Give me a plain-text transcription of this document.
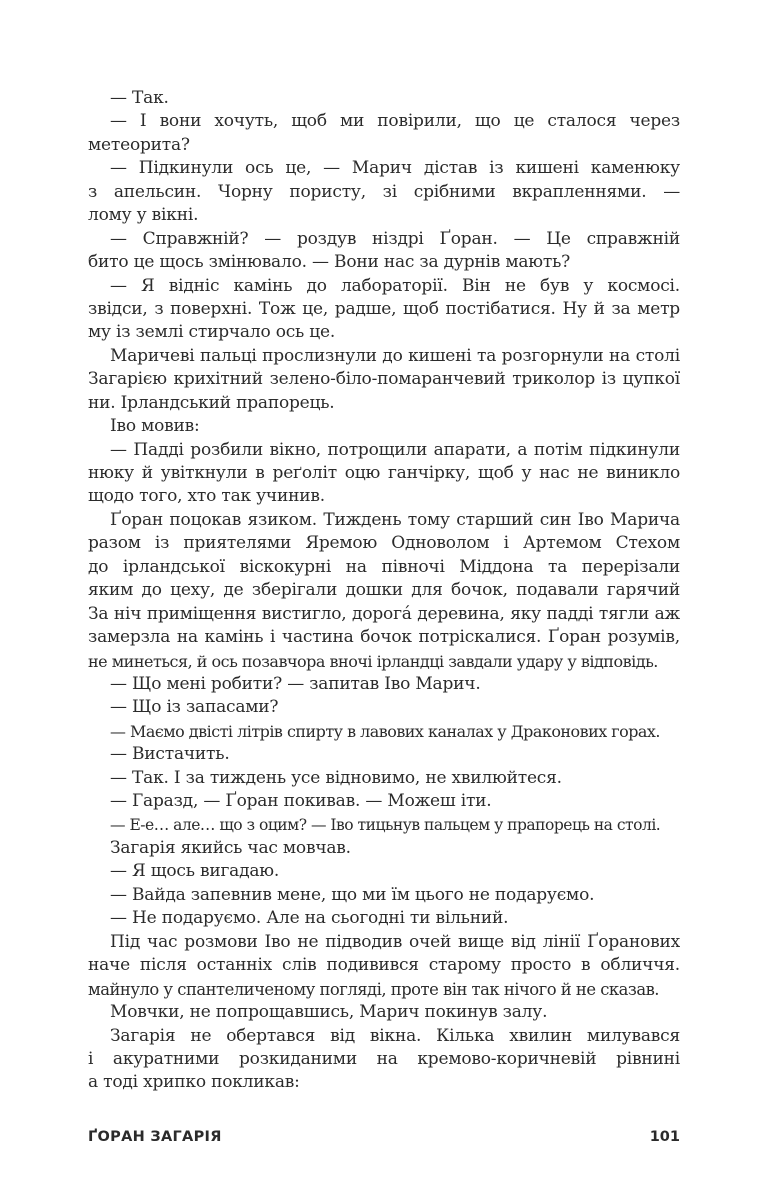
— Так.
— І вони хочуть, щоб ми повірили, що це сталося через
метеорита?
— Підкинули ось це, — Марич дістав із кишені каменюку
з апельсин. Чорну пористу, зі срібними вкрапленнями. —
лому у вікні.
— Справжній? — роздув ніздрі Ґоран. — Це справжній
бито це щось змінювало. — Вони нас за дурнів мають?
— Я відніс камінь до лабораторії. Він не був у космосі.
звідси, з поверхні. Тож це, радше, щоб постібатися. Ну й за метр
му із землі стирчало ось це.
Маричеві пальці прослизнули до кишені та розгорнули на столі
Загарією крихітний зелено-біло-помаранчевий триколор із цупкої
ни. Ірландський прапорець.
Іво мовив:
— Падді розбили вікно, потрощили апарати, а потім підкинули
нюку й увіткнули в реґоліт оцю ганчірку, щоб у нас не виникло
щодо того, хто так учинив.
Ґоран поцокав язиком. Тиждень тому старший син Іво Марича
разом із приятелями Яремою Одноволом і Артемом Стехом
до ірландської віскокурні на півночі Міддона та перерізали
яким до цеху, де зберігали дошки для бочок, подавали гарячий
За ніч приміщення вистигло, дорогá деревина, яку падді тягли аж
замерзла на камінь і частина бочок потріскалися. Ґоран розумів,
не минеться, й ось позавчора вночі ірландці завдали удару у відповідь.
— Що мені робити? — запитав Іво Марич.
— Що із запасами?
— Маємо двісті літрів спирту в лавових каналах у Драконових горах.
— Вистачить.
— Так. І за тиждень усе відновимо, не хвилюйтеся.
— Гаразд, — Ґоран покивав. — Можеш іти.
— Е-е… але… що з оцим? — Іво тицьнув пальцем у прапорець на столі.
Загарія якийсь час мовчав.
— Я щось вигадаю.
— Вайда запевнив мене, що ми їм цього не подаруємо.
— Не подаруємо. Але на сьогодні ти вільний.
Під час розмови Іво не підводив очей вище від лінії Ґоранових
наче після останніх слів подивився старому просто в обличчя.
майнуло у спантеличеному погляді, проте він так нічого й не сказав.
Мовчки, не попрощавшись, Марич покинув залу.
Загарія не обертався від вікна. Кілька хвилин милувався
і акуратними розкиданими на кремово-коричневій рівнині
а тоді хрипко покликав:
ҐОРАН ЗАГАРІЯ	101
